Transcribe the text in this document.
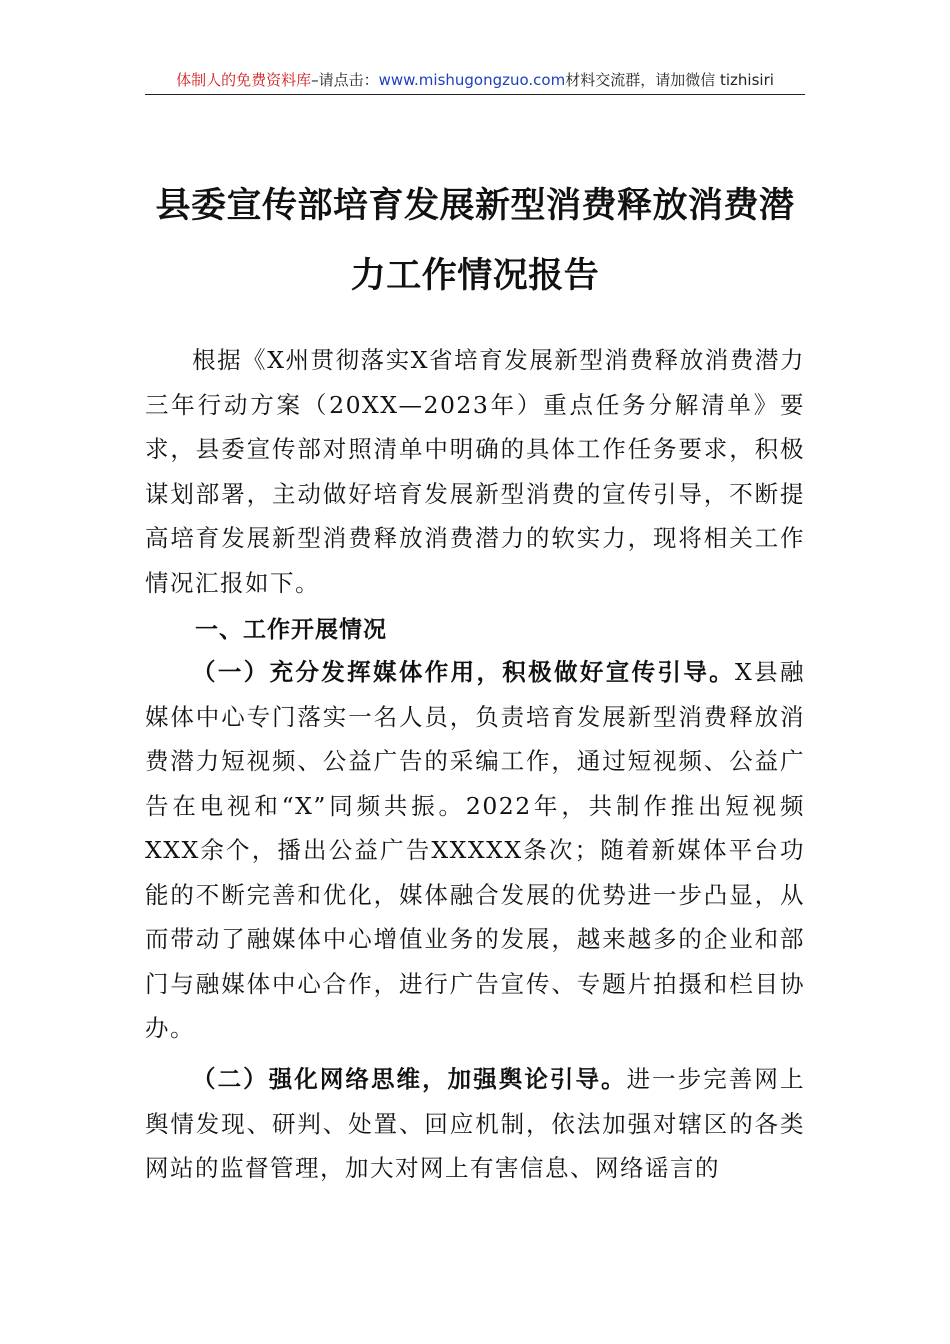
体制人的免费资料库–请点击：www.mishugongzuo.com材料交流群，请加微信 tizhisiri
县委宣传部培育发展新型消费释放消费潜
力工作情况报告

根据《X州贯彻落实X省培育发展新型消费释放消费潜力三年行动方案（20XX—2023年）重点任务分解清单》要求，县委宣传部对照清单中明确的具体工作任务要求，积极谋划部署，主动做好培育发展新型消费的宣传引导，不断提高培育发展新型消费释放消费潜力的软实力，现将相关工作情况汇报如下。

一、工作开展情况

（一）充分发挥媒体作用，积极做好宣传引导。X县融媒体中心专门落实一名人员，负责培育发展新型消费释放消费潜力短视频、公益广告的采编工作，通过短视频、公益广告在电视和“X”同频共振。2022年，共制作推出短视频XXX余个，播出公益广告XXXXX条次；随着新媒体平台功能的不断完善和优化，媒体融合发展的优势进一步凸显，从而带动了融媒体中心增值业务的发展，越来越多的企业和部门与融媒体中心合作，进行广告宣传、专题片拍摄和栏目协办。

（二）强化网络思维，加强舆论引导。进一步完善网上舆情发现、研判、处置、回应机制，依法加强对辖区的各类网站的监督管理，加大对网上有害信息、网络谣言的
